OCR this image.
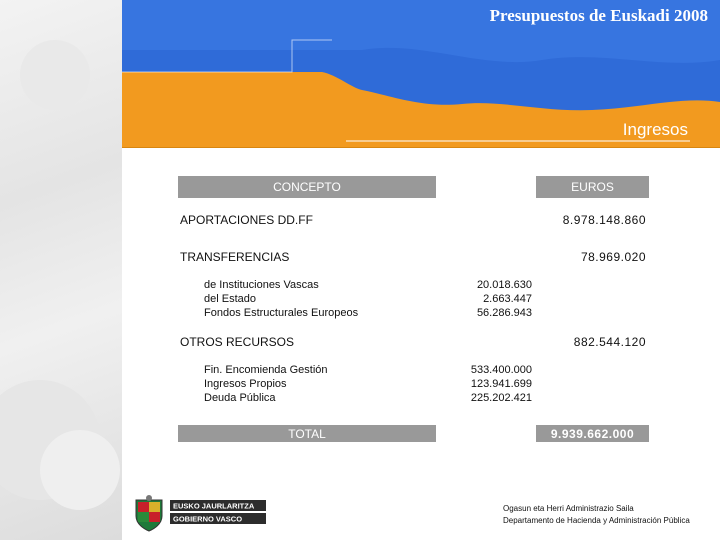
Presupuestos de Euskadi 2008
Ingresos
CONCEPTO	EUROS
APORTACIONES DD.FF	8.978.148.860
TRANSFERENCIAS	78.969.020
de Instituciones Vascas	20.018.630
del Estado	2.663.447
Fondos Estructurales Europeos	56.286.943
OTROS RECURSOS	882.544.120
Fin. Encomienda Gestión	533.400.000
Ingresos Propios	123.941.699
Deuda Pública	225.202.421
TOTAL	9.939.662.000
EUSKO JAURLARITZA
GOBIERNO VASCO
Ogasun eta Herri Administrazio Saila
Departamento de Hacienda y Administración Pública
